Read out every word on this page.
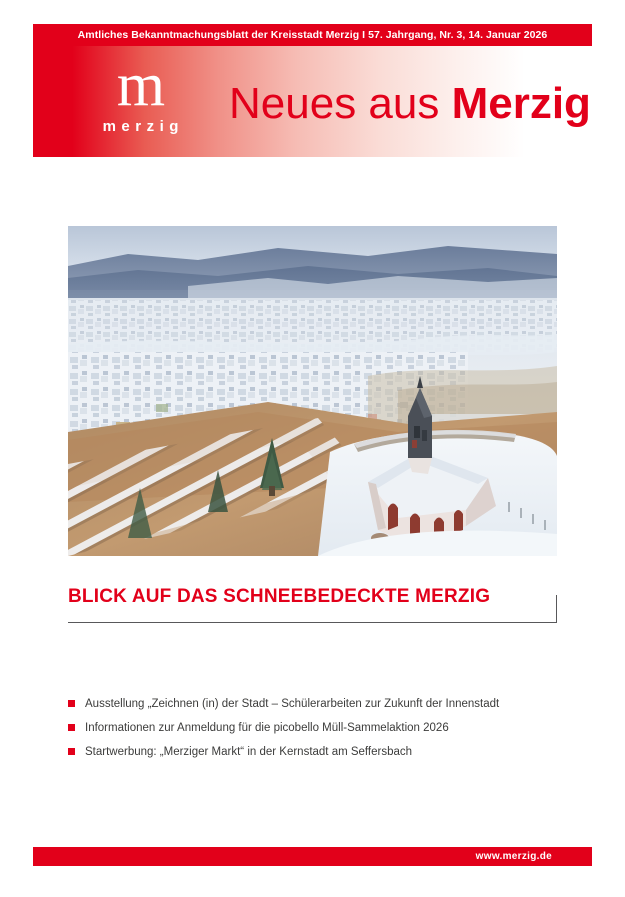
Amtliches Bekanntmachungsblatt der Kreisstadt Merzig I 57. Jahrgang, Nr. 3, 14. Januar 2026
m
merzig	Neues aus Merzig
BLICK AUF DAS SCHNEEBEDECKTE MERZIG
Ausstellung „Zeichnen (in) der Stadt – Schülerarbeiten zur Zukunft der Innenstadt
Informationen zur Anmeldung für die picobello Müll-Sammelaktion 2026
Startwerbung: „Merziger Markt“ in der Kernstadt am Seffersbach
www.merzig.de
